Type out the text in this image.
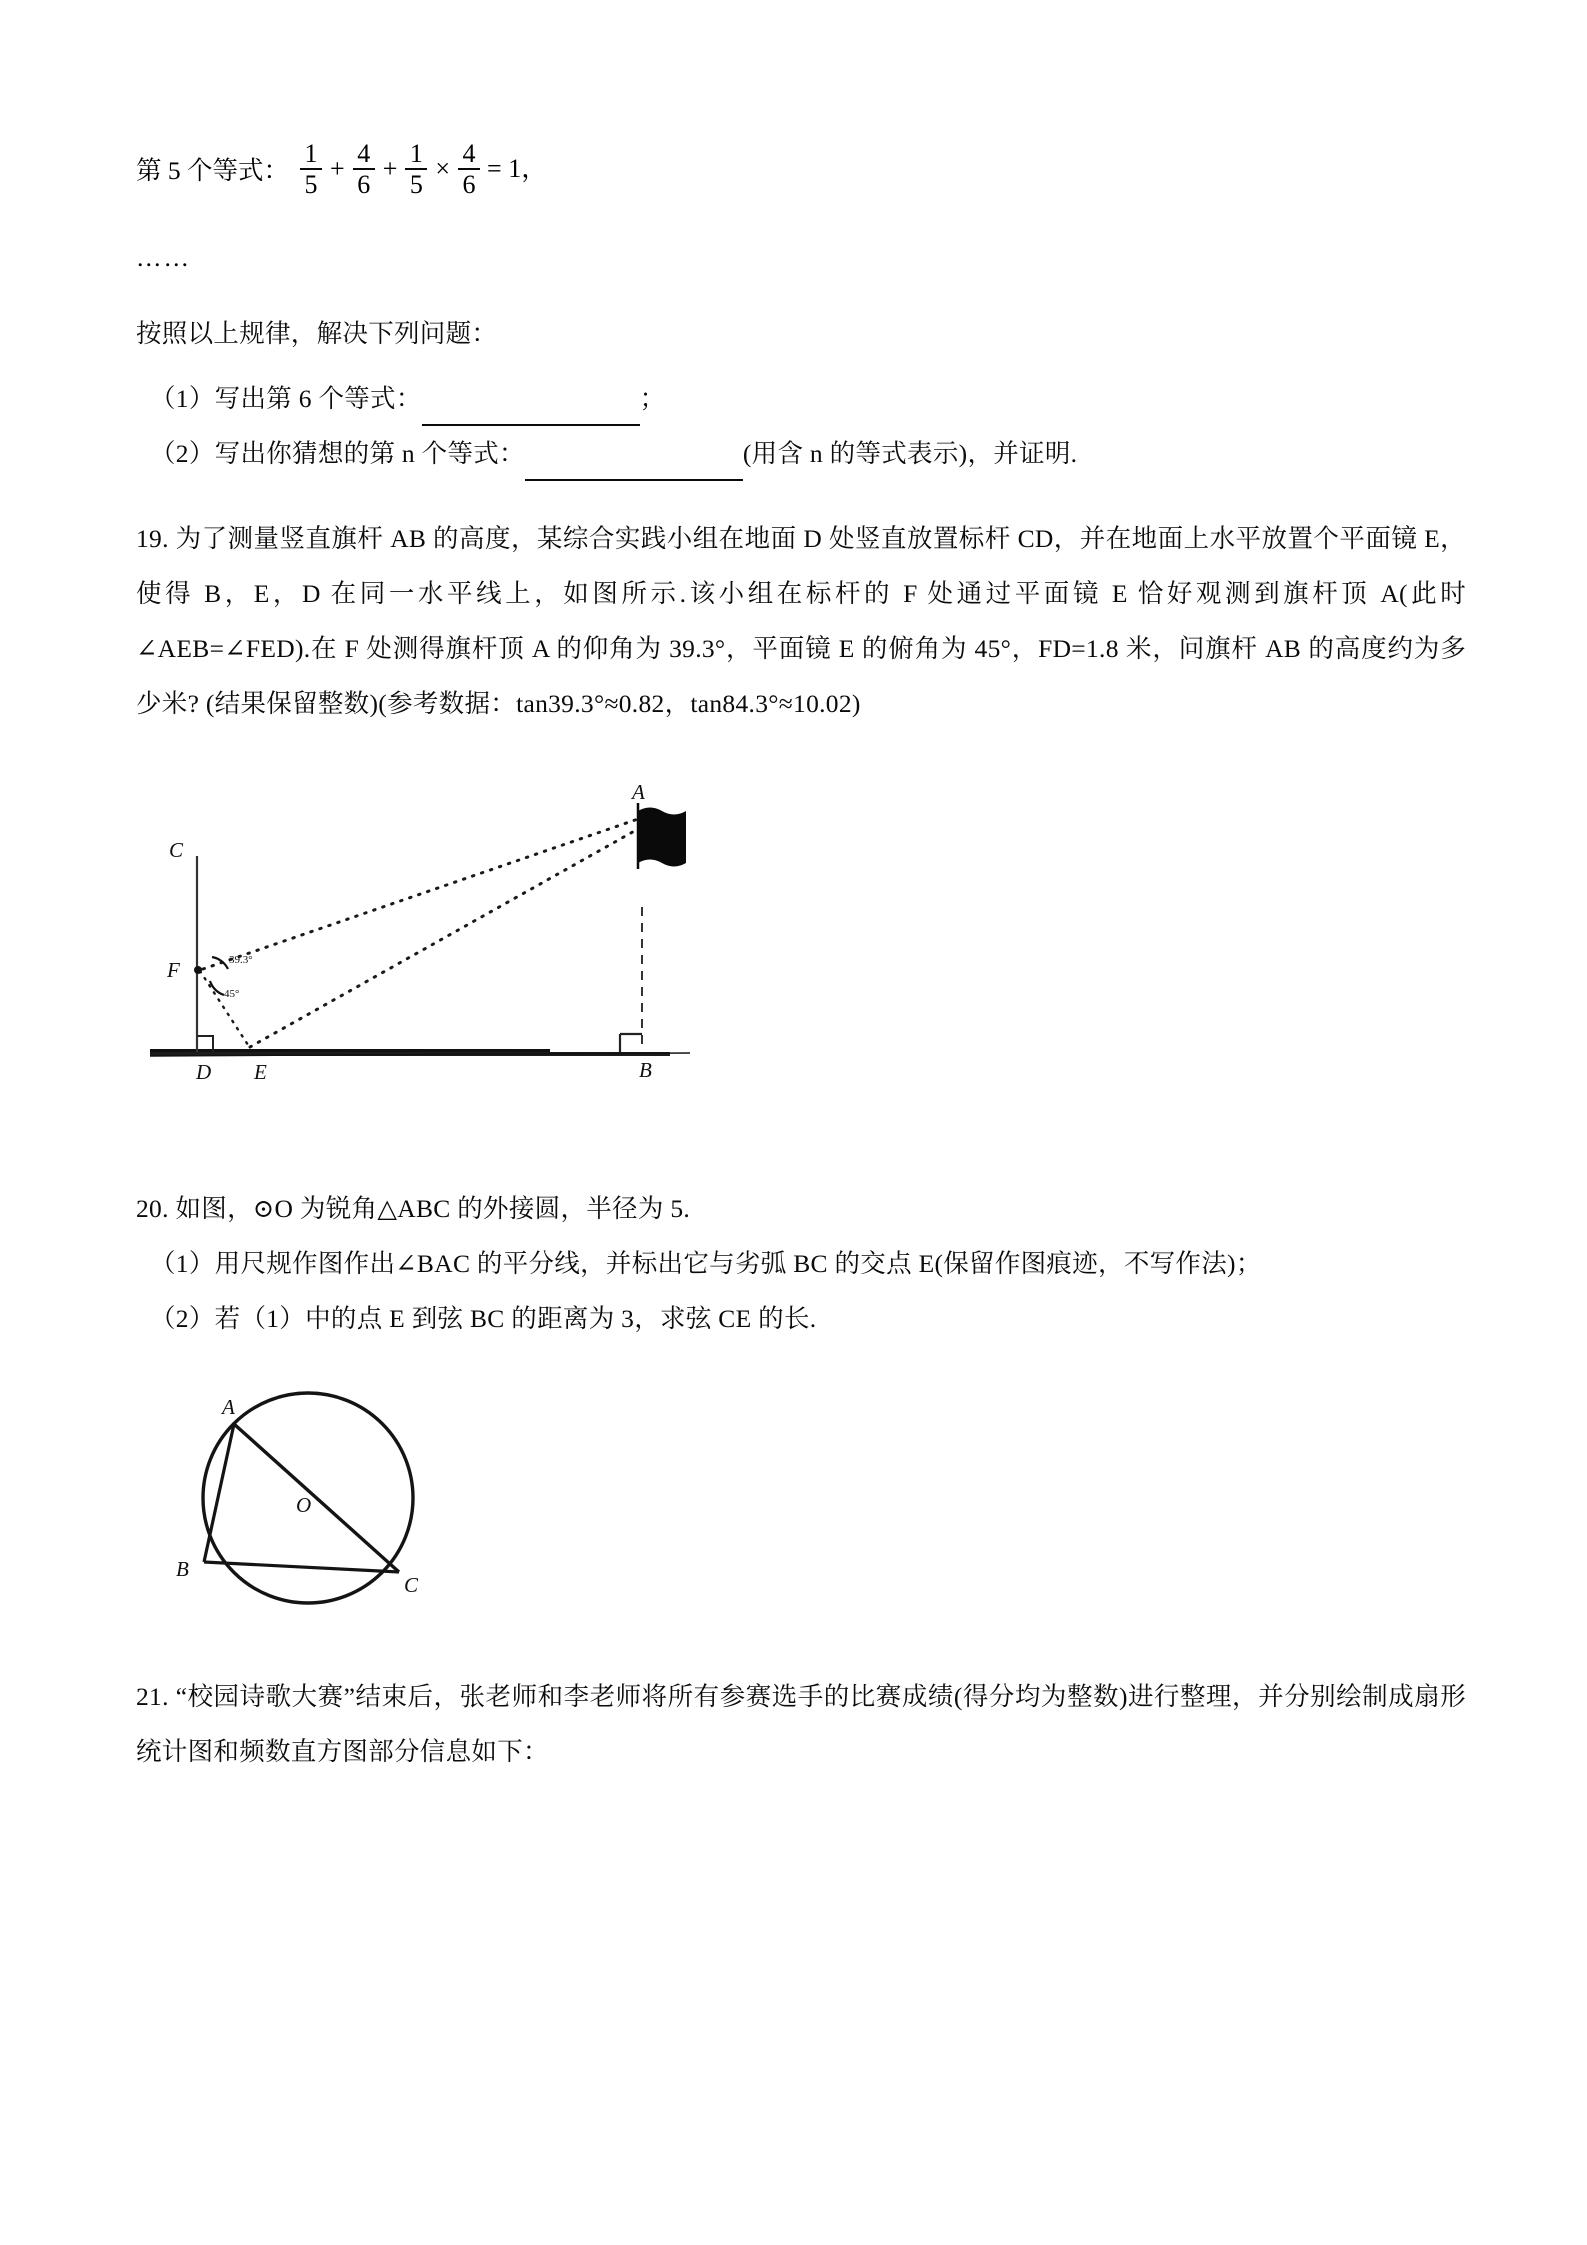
第 5 个等式： $\frac{1}{5} + \frac{4}{6} + \frac{1}{5} \times \frac{4}{6} = 1$，
……
按照以上规律，解决下列问题：
（1）写出第 6 个等式：	；
（2）写出你猜想的第 n 个等式：	(用含 n 的等式表示)，并证明.
19. 为了测量竖直旗杆 AB 的高度，某综合实践小组在地面 D 处竖直放置标杆 CD，并在地面上水平放置个平面镜 E，使得 B，E，D 在同一水平线上，如图所示.该小组在标杆的 F 处通过平面镜 E 恰好观测到旗杆顶 A(此时∠AEB=∠FED).在 F 处测得旗杆顶 A 的仰角为 39.3°，平面镜 E 的俯角为 45°，FD=1.8 米，问旗杆 AB 的高度约为多少米? (结果保留整数)(参考数据：tan39.3°≈0.82，tan84.3°≈10.02)
C
F
D E	B
A
39.3°
45°
20. 如图，⊙O 为锐角△ABC 的外接圆，半径为 5.
（1）用尺规作图作出∠BAC 的平分线，并标出它与劣弧 BC 的交点 E(保留作图痕迹，不写作法)；
（2）若（1）中的点 E 到弦 BC 的距离为 3，求弦 CE 的长.
A
B
C
O
21. “校园诗歌大赛”结束后，张老师和李老师将所有参赛选手的比赛成绩(得分均为整数)进行整理，并分别绘制成扇形统计图和频数直方图部分信息如下：
